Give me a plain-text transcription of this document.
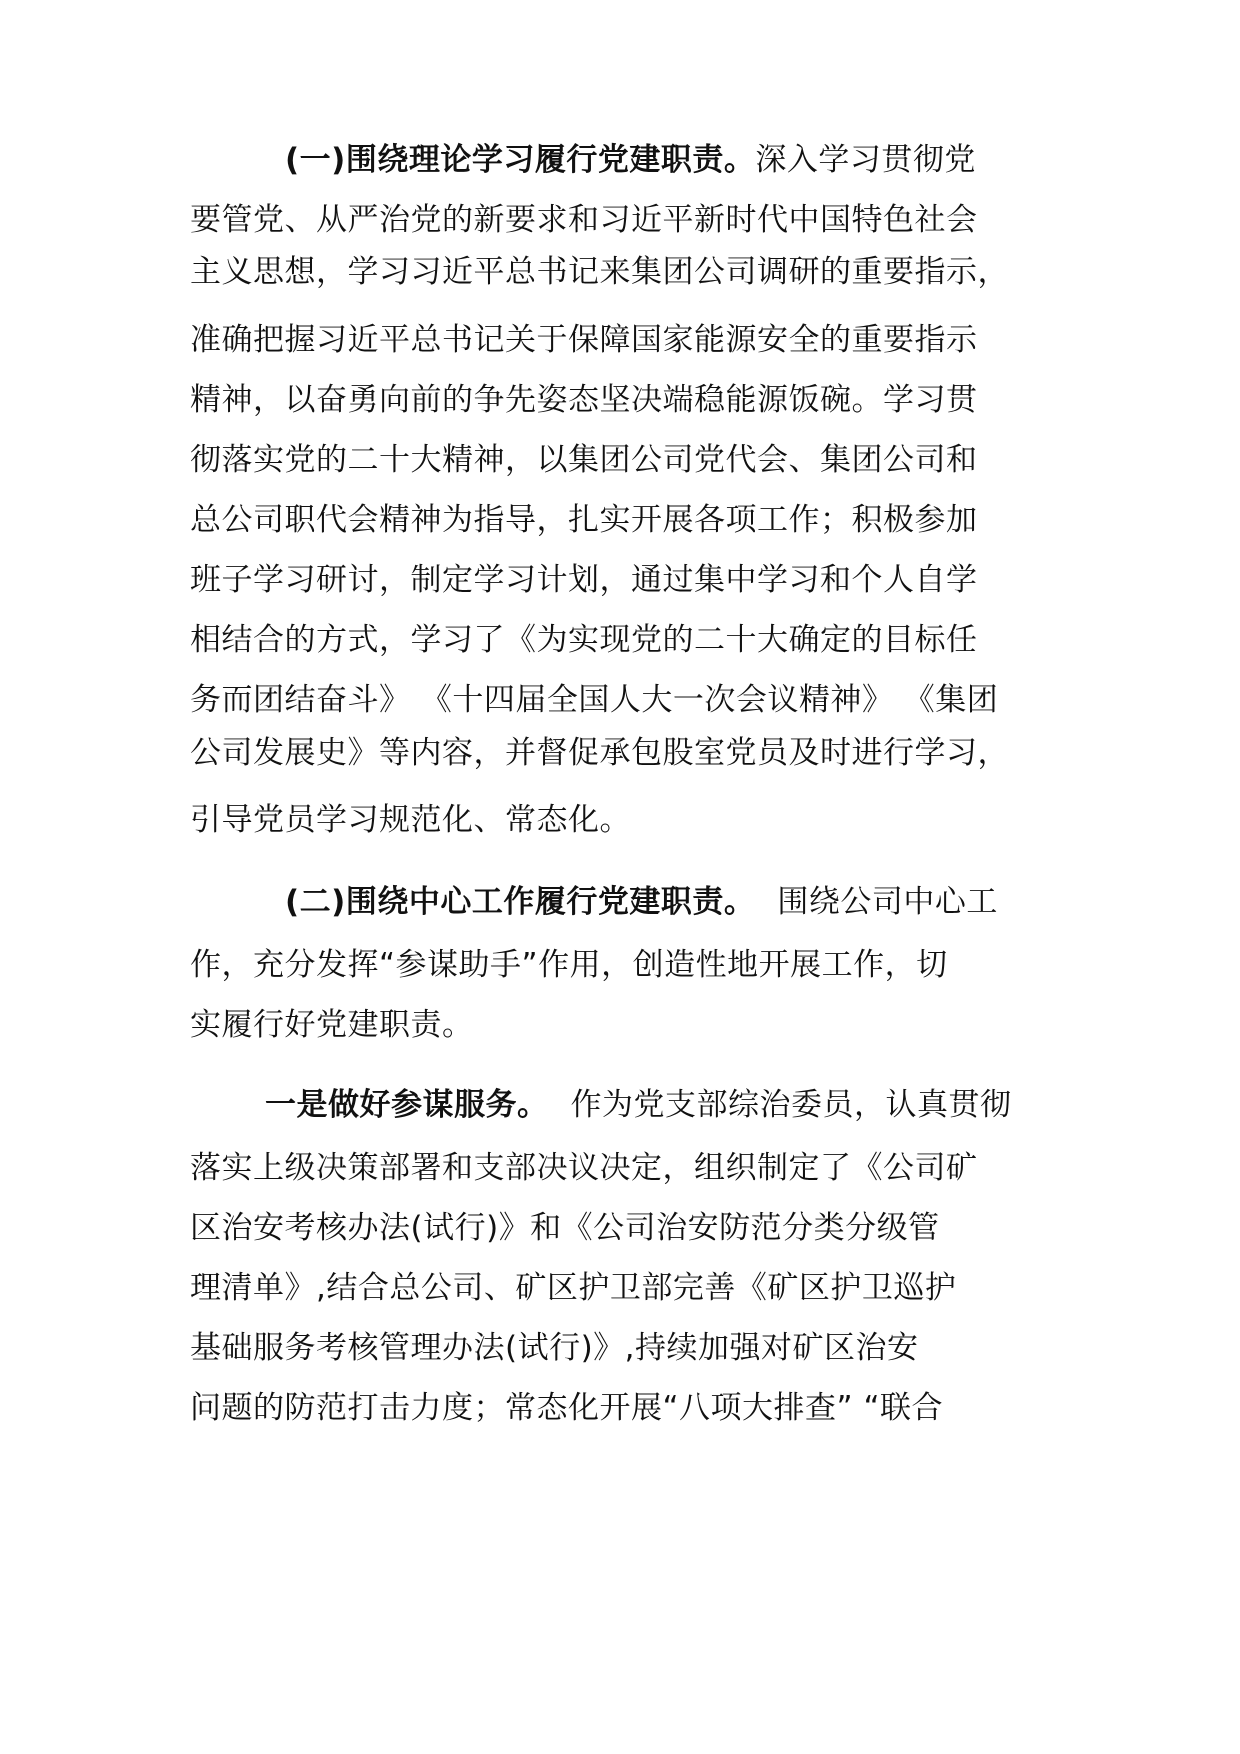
(一)围绕理论学习履行党建职责。深入学习贯彻党
要管党、从严治党的新要求和习近平新时代中国特色社会
主义思想，学习习近平总书记来集团公司调研的重要指示，
准确把握习近平总书记关于保障国家能源安全的重要指示
精神，以奋勇向前的争先姿态坚决端稳能源饭碗。学习贯
彻落实党的二十大精神，以集团公司党代会、集团公司和
总公司职代会精神为指导，扎实开展各项工作；积极参加
班子学习研讨，制定学习计划，通过集中学习和个人自学
相结合的方式，学习了《为实现党的二十大确定的目标任
务而团结奋斗》 《十四届全国人大一次会议精神》 《集团
公司发展史》等内容，并督促承包股室党员及时进行学习，
引导党员学习规范化、常态化。
(二)围绕中心工作履行党建职责。 围绕公司中心工
作，充分发挥“参谋助手”作用，创造性地开展工作，切
实履行好党建职责。
一是做好参谋服务。 作为党支部综治委员，认真贯彻
落实上级决策部署和支部决议决定，组织制定了《公司矿
区治安考核办法(试行)》和《公司治安防范分类分级管
理清单》,结合总公司、矿区护卫部完善《矿区护卫巡护
基础服务考核管理办法(试行)》,持续加强对矿区治安
问题的防范打击力度；常态化开展“八项大排查” “联合
